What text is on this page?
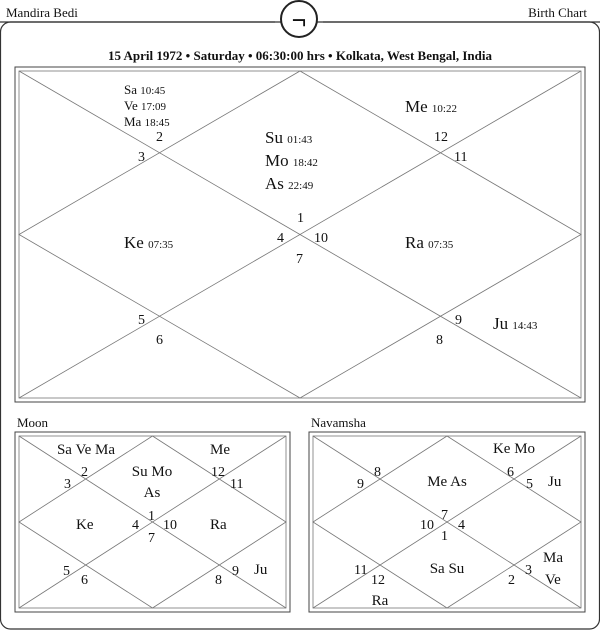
Mandira Bedi	Birth Chart
¬
15 April 1972 • Saturday • 06:30:00 hrs • Kolkata, West Bengal, India
Su 01:43
Mo 18:42
As 22:49
1
Sa 10:45
Ve 17:09
Ma 18:45
2
3
Ke 07:35	4
5
6
7
8
Ju 14:43
9
Ra 07:35
10
11
Me 10:22
12
Moon
Su Mo
As
1
Sa Ve Ma
2
3
Ke	4
5
6
7
8
9 Ju
10 Ra
11
Me
12
Navamsha
Me As
7
Ke Mo
6
5 Ju
4
3
Ma
Ve
2
1
Sa Su
12
Ra
11
10
9
8
